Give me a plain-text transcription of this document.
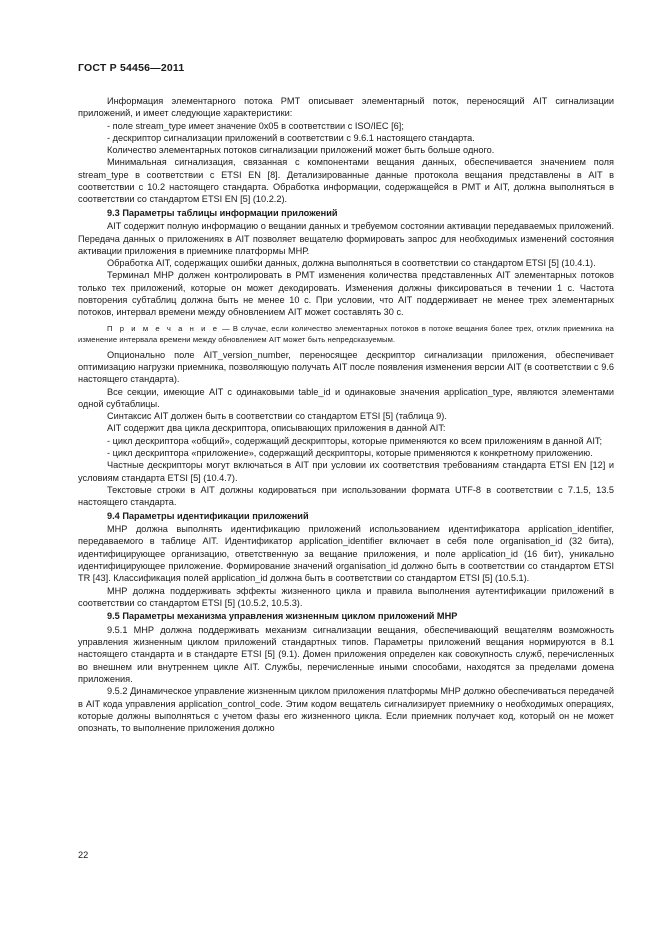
ГОСТ Р 54456—2011

Информация элементарного потока PMT описывает элементарный поток, переносящий AIT сигнализации приложений, и имеет следующие характеристики:

- поле stream_type имеет значение 0x05 в соответствии с ISO/IEC [6];

- дескриптор сигнализации приложений в соответствии с 9.6.1 настоящего стандарта.

Количество элементарных потоков сигнализации приложений может быть больше одного.

Минимальная сигнализация, связанная с компонентами вещания данных, обеспечивается значением поля stream_type в соответствии с ETSI EN [8]. Детализированные данные протокола вещания представлены в AIT в соответствии с 10.2 настоящего стандарта. Обработка информации, содержащейся в PMT и AIT, должна выполняться в соответствии со стандартом ETSI EN [5] (10.2.2).

9.3 Параметры таблицы информации приложений

AIT содержит полную информацию о вещании данных и требуемом состоянии активации передаваемых приложений. Передача данных о приложениях в AIT позволяет вещателю формировать запрос для необходимых изменений состояния активации приложения в приемнике платформы МНР.

Обработка AIT, содержащих ошибки данных, должна выполняться в соответствии со стандартом ETSI [5] (10.4.1).

Терминал МНР должен контролировать в PMT изменения количества представленных AIT элементарных потоков только тех приложений, которые он может декодировать. Изменения должны фиксироваться в течении 1 с. Частота повторения субтаблиц должна быть не менее 10 с. При условии, что AIT поддерживает не менее трех элементарных потоков, интервал времени между обновлением AIT может составлять 30 с.

П р и м е ч а н и е — В случае, если количество элементарных потоков в потоке вещания более трех, отклик приемника на изменение интервала времени между обновлением AIT может быть непредсказуемым.

Опционально поле AIT_version_number, переносящее дескриптор сигнализации приложения, обеспечивает оптимизацию нагрузки приемника, позволяющую получать AIT после появления изменения версии AIT (в соответствии с 9.6 настоящего стандарта).

Все секции, имеющие AIT с одинаковыми table_id и одинаковые значения application_type, являются элементами одной субтаблицы.

Синтаксис AIT должен быть в соответствии со стандартом ETSI [5] (таблица 9).

AIT содержит два цикла дескриптора, описывающих приложения в данной AIT:

- цикл дескриптора «общий», содержащий дескрипторы, которые применяются ко всем приложениям в данной AIT;

- цикл дескриптора «приложение», содержащий дескрипторы, которые применяются к конкретному приложению.

Частные дескрипторы могут включаться в AIT при условии их соответствия требованиям стандарта ETSI EN [12] и условиям стандарта ETSI [5] (10.4.7).

Текстовые строки в AIT должны кодироваться при использовании формата UTF-8 в соответствии с 7.1.5, 13.5 настоящего стандарта.

9.4 Параметры идентификации приложений

МНР должна выполнять идентификацию приложений использованием идентификатора application_identifier, передаваемого в таблице AIT. Идентификатор application_identifier включает в себя поле organisation_id (32 бита), идентифицирующее организацию, ответственную за вещание приложения, и поле application_id (16 бит), уникально идентифицирующее приложение. Формирование значений organisation_id должно быть в соответствии со стандартом ETSI TR [43]. Классификация полей application_id должна быть в соответствии со стандартом ETSI [5] (10.5.1).

МНР должна поддерживать эффекты жизненного цикла и правила выполнения аутентификации приложений в соответствии со стандартом ETSI [5] (10.5.2, 10.5.3).

9.5 Параметры механизма управления жизненным циклом приложений МНР

9.5.1 МНР должна поддерживать механизм сигнализации вещания, обеспечивающий вещателям возможность управления жизненным циклом приложений стандартных типов. Параметры приложений вещания нормируются в 8.1 настоящего стандарта и в стандарте ETSI [5] (9.1). Домен приложения определен как совокупность служб, перечисленных во внешнем или внутреннем цикле AIT. Службы, перечисленные иными способами, находятся за пределами домена приложения.

9.5.2 Динамическое управление жизненным циклом приложения платформы МНР должно обеспечиваться передачей в AIT кода управления application_control_code. Этим кодом вещатель сигнализирует приемнику о необходимых операциях, которые должны выполняться с учетом фазы его жизненного цикла. Если приемник получает код, который он не может опознать, то выполнение приложения должно

22
